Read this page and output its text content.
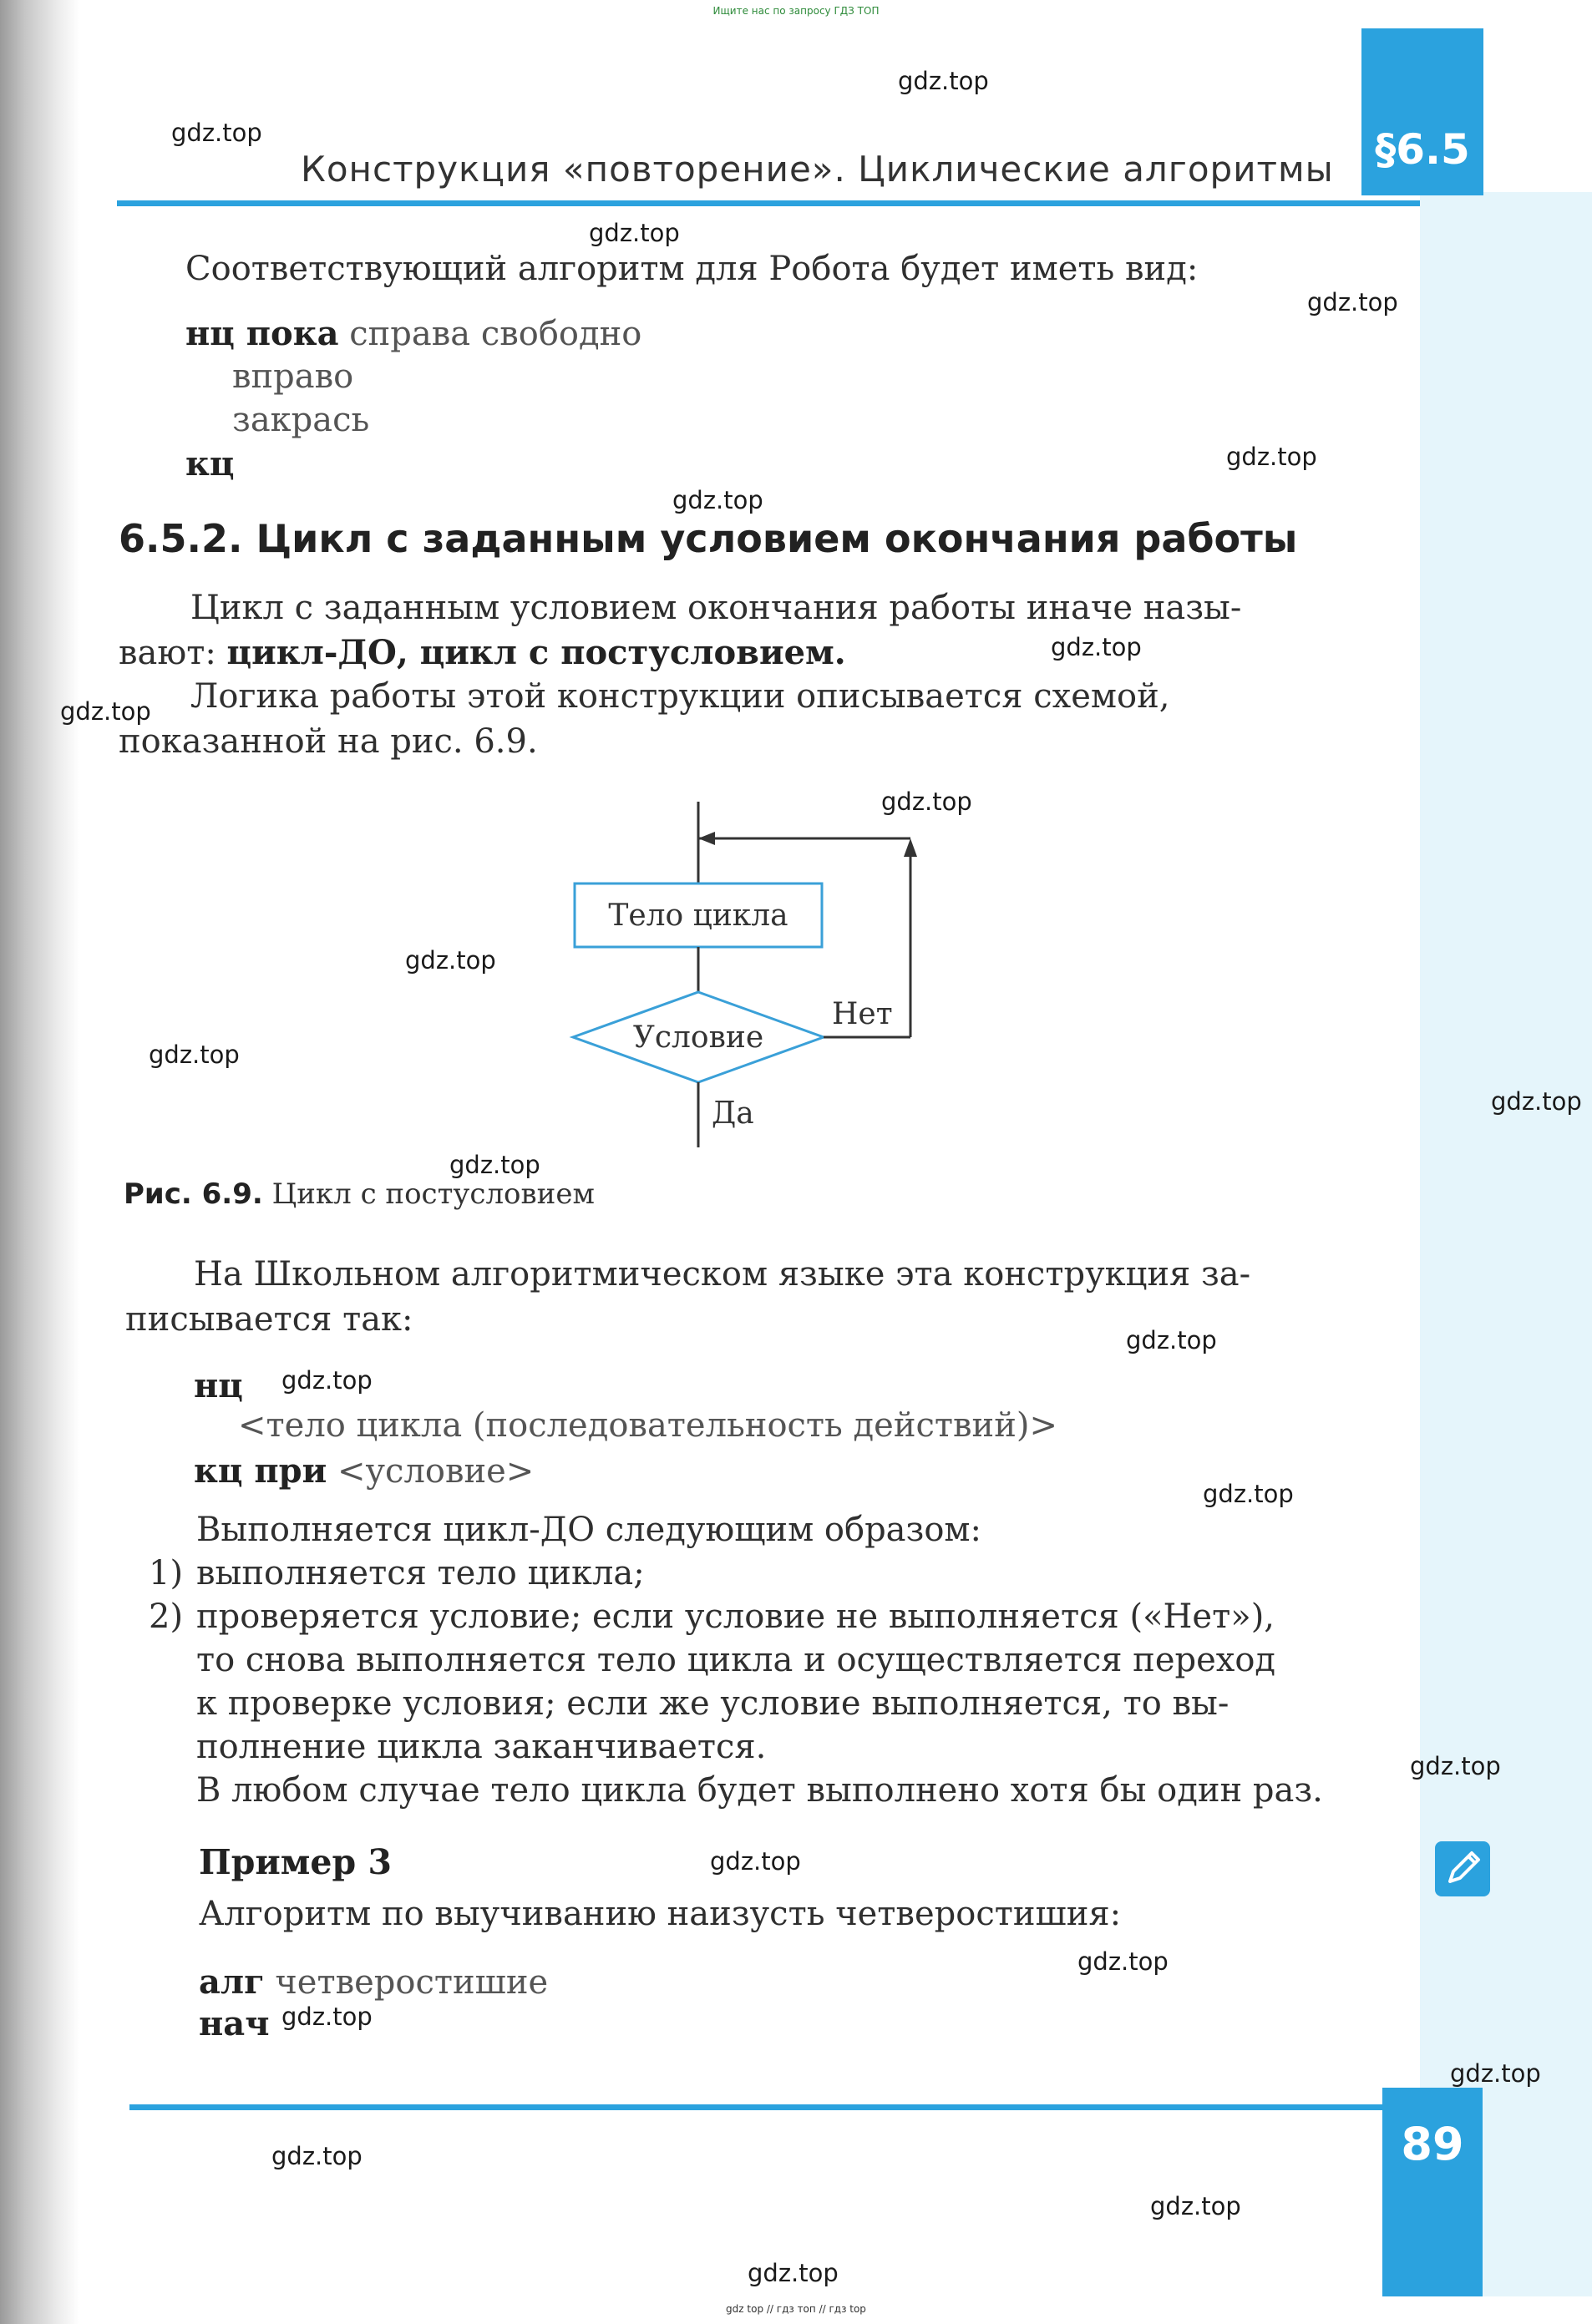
Ищите нас по запросу ГДЗ ТОП
§6.5
Конструкция «повторение». Циклические алгоритмы
Соответствующий алгоритм для Робота будет иметь вид:
нц пока справа свободно
вправо
закрась
кц
6.5.2. Цикл с заданным условием окончания работы
Цикл с заданным условием окончания работы иначе назы-
вают: цикл-ДО, цикл с постусловием.
Логика работы этой конструкции описывается схемой,
показанной на рис. 6.9.
Тело цикла
Условие
Нет
Да
Рис. 6.9. Цикл с постусловием
На Школьном алгоритмическом языке эта конструкция за-
писывается так:
нц
<тело цикла (последовательность действий)>
кц при <условие>
Выполняется цикл-ДО следующим образом:
1) выполняется тело цикла;
2) проверяется условие; если условие не выполняется («Нет»),
то снова выполняется тело цикла и осуществляется переход
к проверке условия; если же условие выполняется, то вы-
полнение цикла заканчивается.
В любом случае тело цикла будет выполнено хотя бы один раз.
Пример 3
Алгоритм по выучиванию наизусть четверостишия:
алг четверостишие
нач
89
gdz.top
gdz.top
gdz.top
gdz.top
gdz.top
gdz.top
gdz.top
gdz.top
gdz.top
gdz.top
gdz.top
gdz.top
gdz.top
gdz.top
gdz.top
gdz.top
gdz.top
gdz.top
gdz.top
gdz.top
gdz.top
gdz.top
gdz.top
gdz.top
gdz top // гдз топ // гдз top
